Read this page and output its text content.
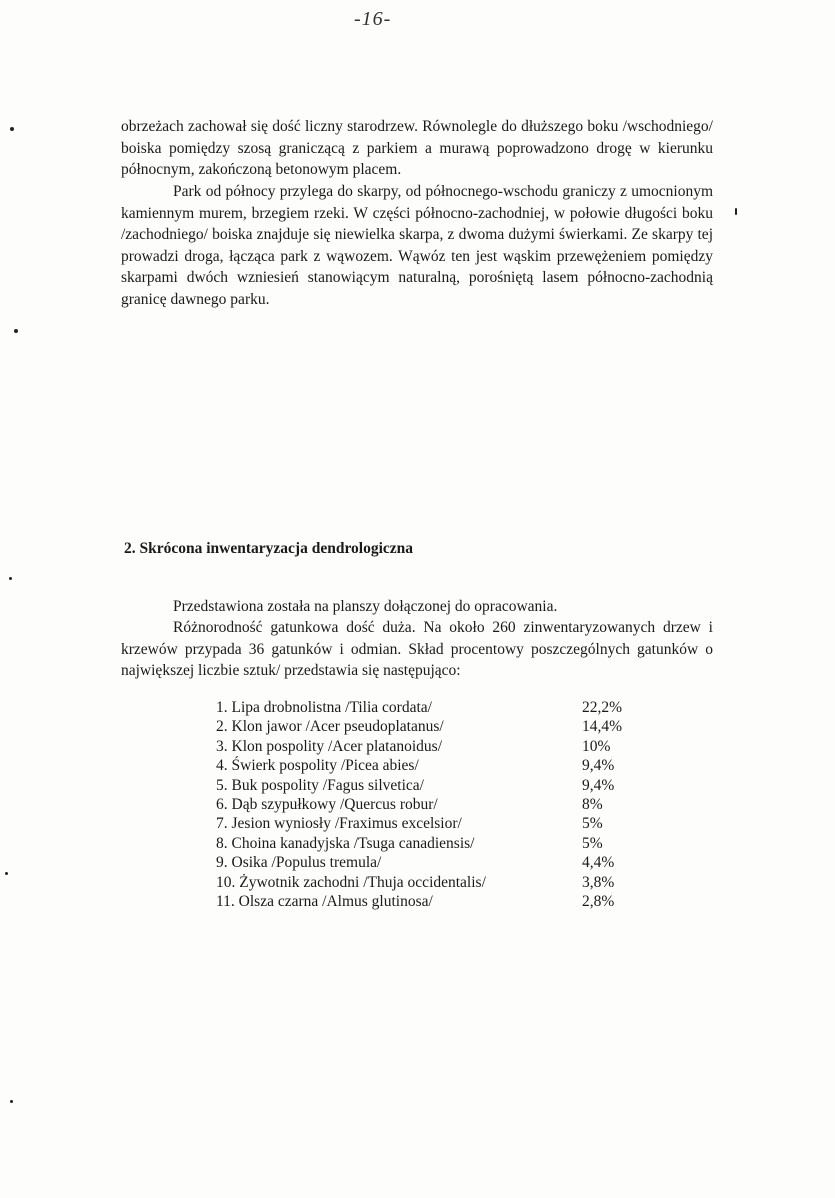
-16-

obrzeżach zachował się dość liczny starodrzew. Równolegle do dłuższego boku /wschodniego/ boiska pomiędzy szosą graniczącą z parkiem a murawą poprowadzono drogę w kierunku północnym, zakończoną betonowym placem.

Park od północy przylega do skarpy, od północnego-wschodu graniczy z umocnionym kamiennym murem, brzegiem rzeki. W części północno-zachodniej, w połowie długości boku /zachodniego/ boiska znajduje się niewielka skarpa, z dwoma dużymi świerkami. Ze skarpy tej prowadzi droga, łącząca park z wąwozem. Wąwóz ten jest wąskim przewężeniem pomiędzy skarpami dwóch wzniesień stanowiącym naturalną, porośniętą lasem północno-zachodnią granicę dawnego parku.

2. Skrócona inwentaryzacja dendrologiczna

Przedstawiona została na planszy dołączonej do opracowania.

Różnorodność gatunkowa dość duża. Na około 260 zinwentaryzowanych drzew i krzewów przypada 36 gatunków i odmian. Skład procentowy poszczególnych gatunków o największej liczbie sztuk/ przedstawia się następująco:

1. Lipa drobnolistna /Tilia cordata/	22,2%
2. Klon jawor /Acer pseudoplatanus/	14,4%
3. Klon pospolity /Acer platanoidus/	10%
4. Świerk pospolity /Picea abies/	9,4%
5. Buk pospolity /Fagus silvetica/	9,4%
6. Dąb szypułkowy /Quercus robur/	8%
7. Jesion wyniosły /Fraximus excelsior/	5%
8. Choina kanadyjska /Tsuga canadiensis/	5%
9. Osika /Populus tremula/	4,4%
10. Żywotnik zachodni /Thuja occidentalis/	3,8%
11. Olsza czarna /Almus glutinosa/	2,8%
